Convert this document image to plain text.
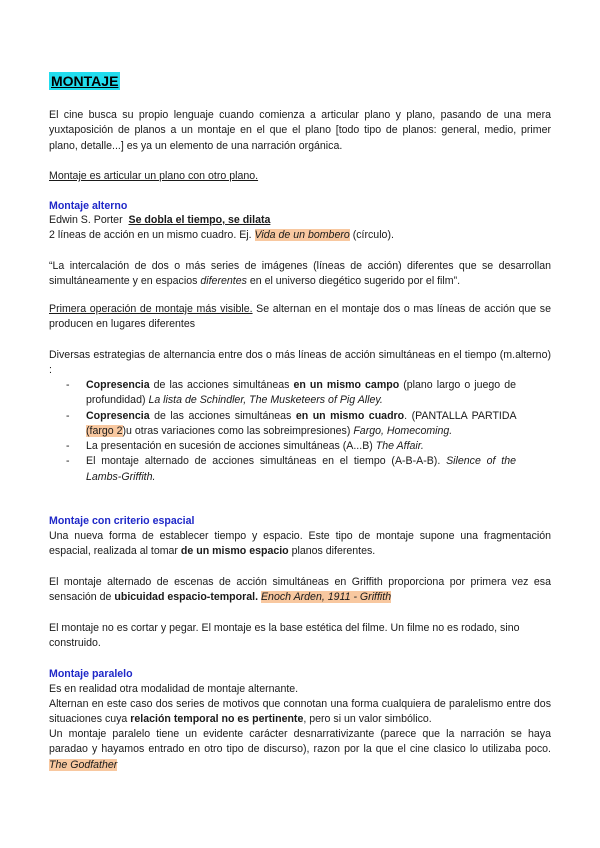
MONTAJE

El cine busca su propio lenguaje cuando comienza a articular plano y plano, pasando de una mera yuxtaposición de planos a un montaje en el que el plano [todo tipo de planos: general, medio, primer plano, detalle...] es ya un elemento de una narración orgánica.

Montaje es articular un plano con otro plano.

Montaje alterno

Edwin S. Porter Se dobla el tiempo, se dilata

2 líneas de acción en un mismo cuadro. Ej. Vida de un bombero (círculo).

“La intercalación de dos o más series de imágenes (líneas de acción) diferentes que se desarrollan simultáneamente y en espacios diferentes en el universo diegético sugerido por el film”.

Primera operación de montaje más visible. Se alternan en el montaje dos o mas líneas de acción que se producen en lugares diferentes

Diversas estrategias de alternancia entre dos o más líneas de acción simultáneas en el tiempo (m.alterno) :

- Copresencia de las acciones simultáneas en un mismo campo (plano largo o juego de profundidad) La lista de Schindler, The Musketeers of Pig Alley.
- Copresencia de las acciones simultáneas en un mismo cuadro. (PANTALLA PARTIDA (fargo 2)u otras variaciones como las sobreimpresiones) Fargo, Homecoming.
- La presentación en sucesión de acciones simultáneas (A...B) The Affair.
- El montaje alternado de acciones simultáneas en el tiempo (A-B-A-B). Silence of the Lambs-Griffith.

Montaje con criterio espacial

Una nueva forma de establecer tiempo y espacio. Este tipo de montaje supone una fragmentación espacial, realizada al tomar de un mismo espacio planos diferentes.

El montaje alternado de escenas de acción simultáneas en Griffith proporciona por primera vez esa sensación de ubicuidad espacio-temporal. Enoch Arden, 1911 - Griffith

El montaje no es cortar y pegar. El montaje es la base estética del filme. Un filme no es rodado, sino construido.

Montaje paralelo

Es en realidad otra modalidad de montaje alternante.

Alternan en este caso dos series de motivos que connotan una forma cualquiera de paralelismo entre dos situaciones cuya relación temporal no es pertinente, pero si un valor simbólico.

Un montaje paralelo tiene un evidente carácter desnarrativizante (parece que la narración se haya paradao y hayamos entrado en otro tipo de discurso), razon por la que el cine clasico lo utilizaba poco. The Godfather
